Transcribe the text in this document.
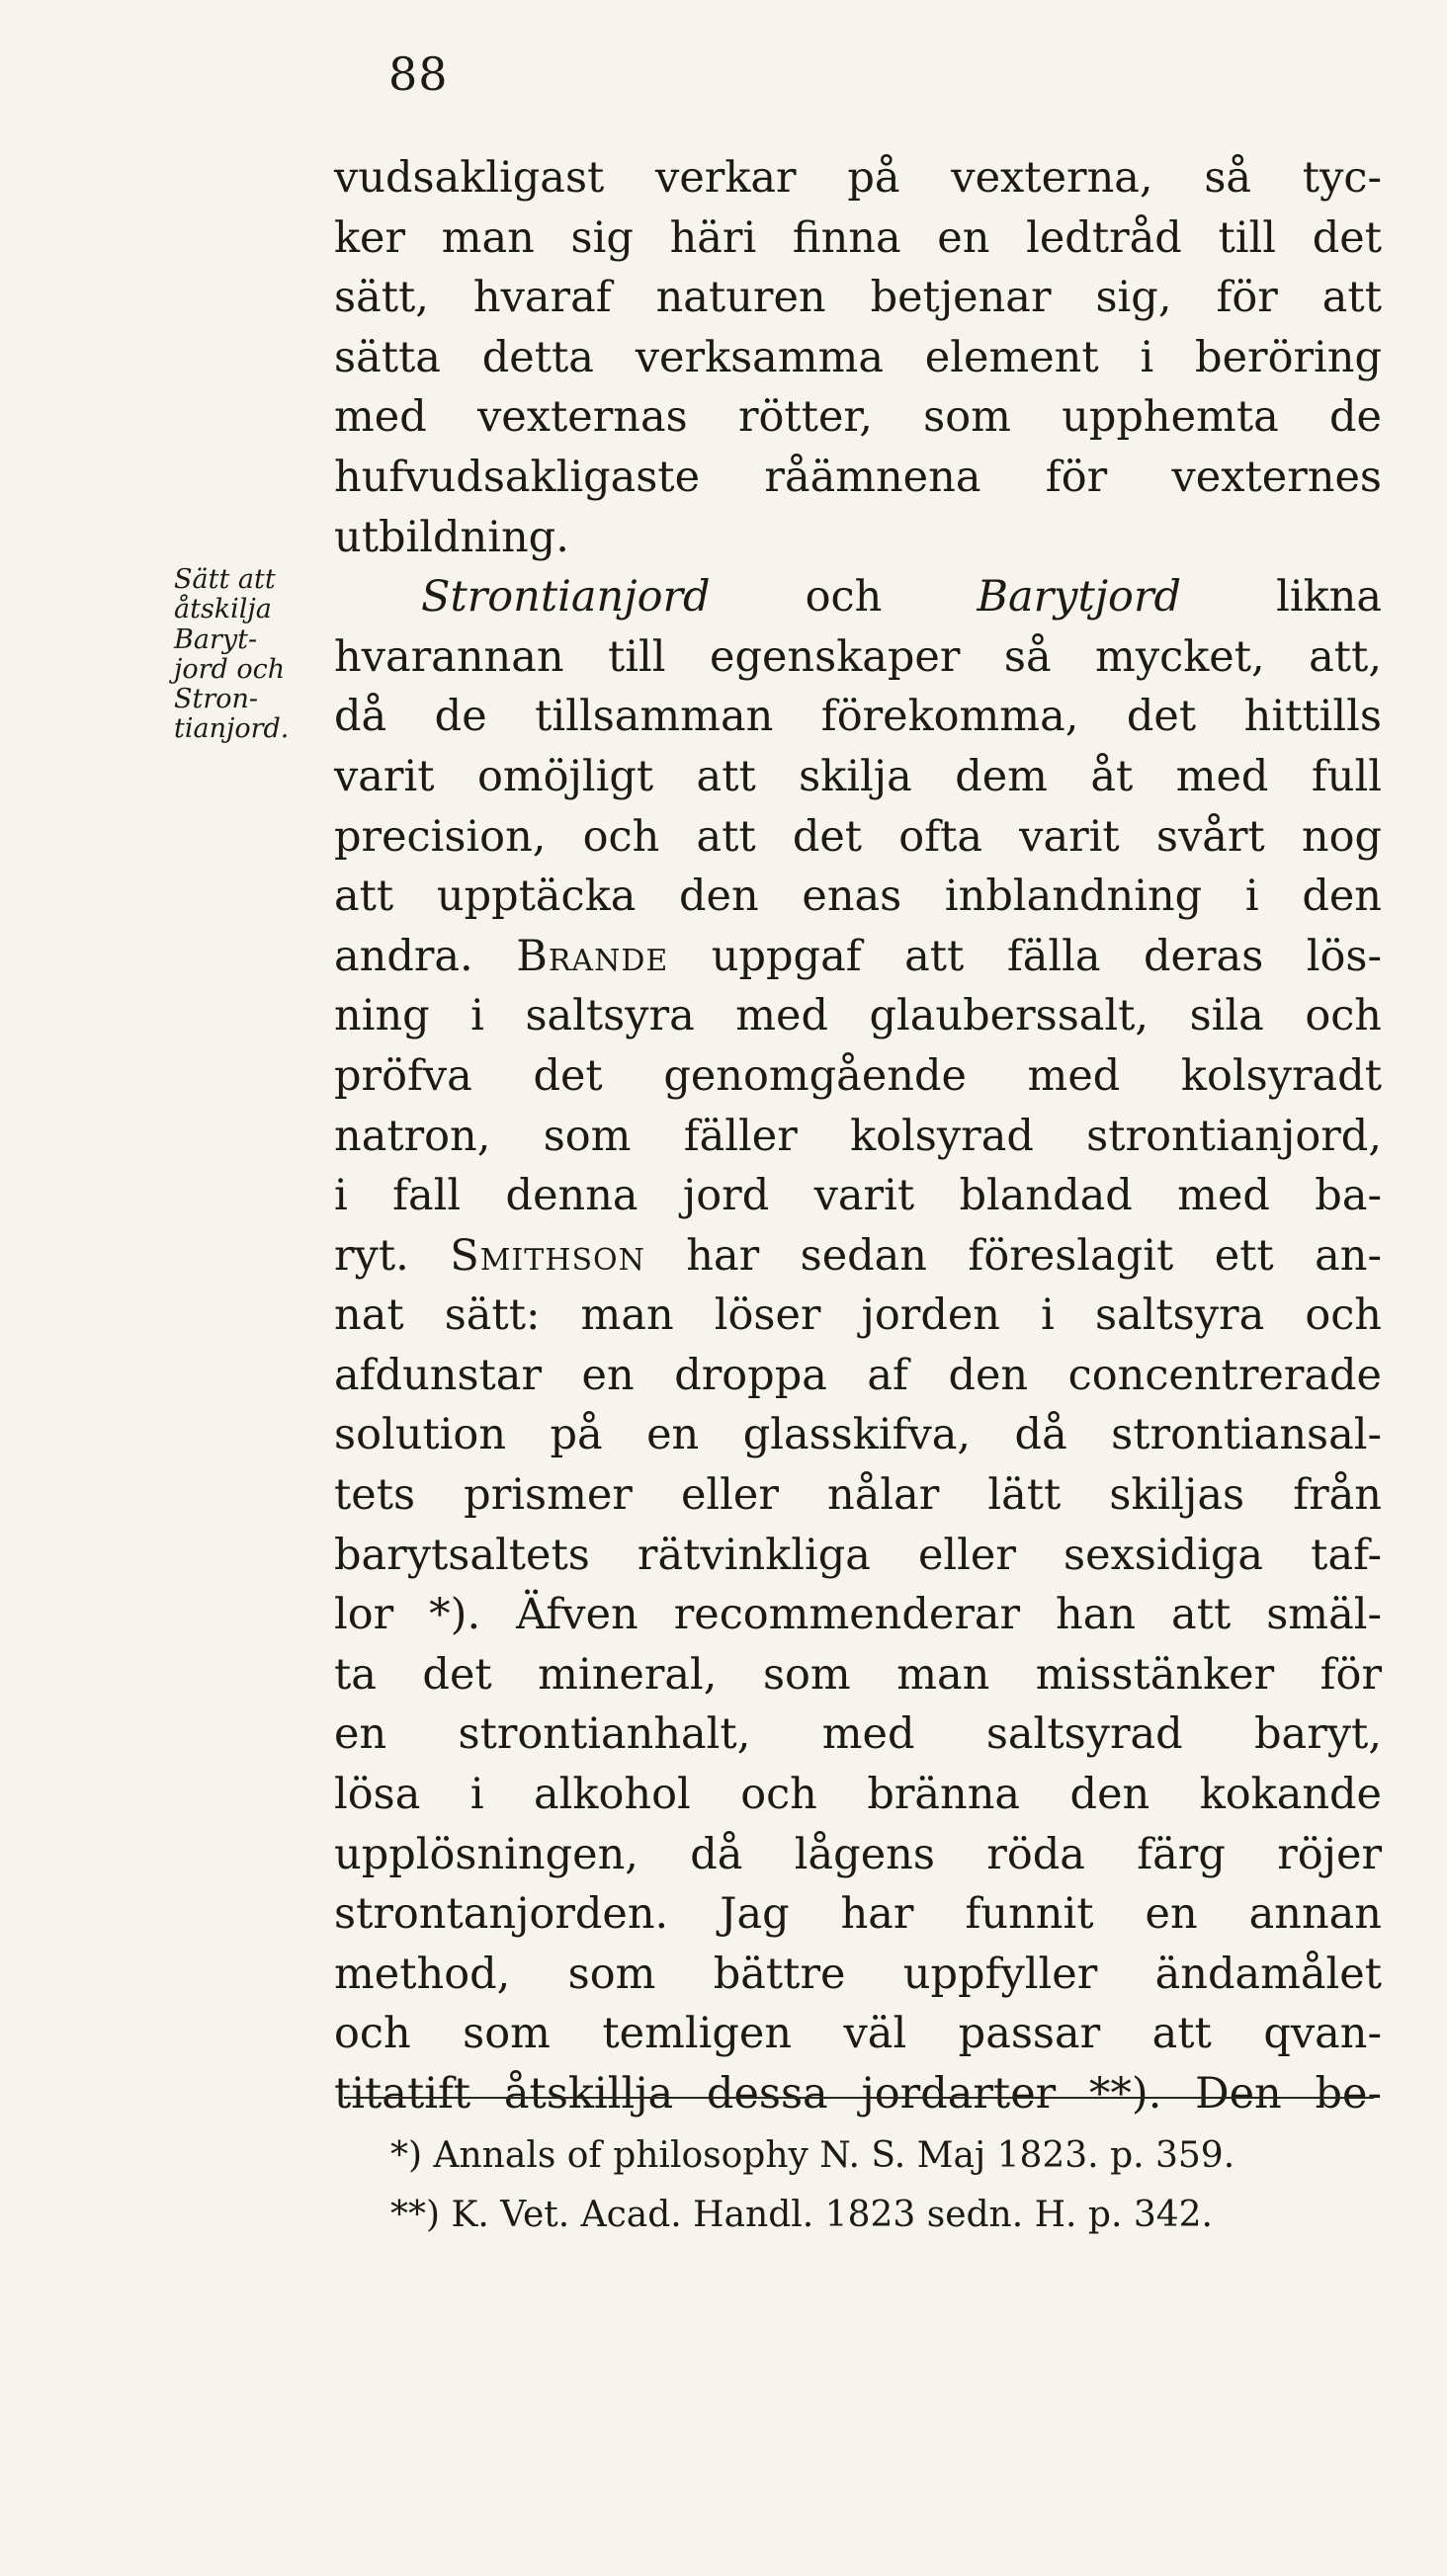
88
Sätt att
åtskilja
Baryt-
jord och
Stron-
tianjord.
vudsakligast verkar på vexterna, så tyc-
ker man sig häri finna en ledtråd till det
sätt, hvaraf naturen betjenar sig, för att
sätta detta verksamma element i beröring
med vexternas rötter, som upphemta de
hufvudsakligaste råämnena för vexternes
utbildning.
Strontianjord och Barytjord likna
hvarannan till egenskaper så mycket, att,
då de tillsamman förekomma, det hittills
varit omöjligt att skilja dem åt med full
precision, och att det ofta varit svårt nog
att upptäcka den enas inblandning i den
andra. Brande uppgaf att fälla deras lös-
ning i saltsyra med glauberssalt, sila och
pröfva det genomgående med kolsyradt
natron, som fäller kolsyrad strontianjord,
i fall denna jord varit blandad med ba-
ryt. Smithson har sedan föreslagit ett an-
nat sätt: man löser jorden i saltsyra och
afdunstar en droppa af den concentrerade
solution på en glasskifva, då strontiansal-
tets prismer eller nålar lätt skiljas från
barytsaltets rätvinkliga eller sexsidiga taf-
lor *). Äfven recommenderar han att smäl-
ta det mineral, som man misstänker för
en strontianhalt, med saltsyrad baryt,
lösa i alkohol och bränna den kokande
upplösningen, då lågens röda färg röjer
strontanjorden. Jag har funnit en annan
method, som bättre uppfyller ändamålet
och som temligen väl passar att qvan-
titatift åtskillja dessa jordarter **). Den be-
*) Annals of philosophy N. S. Maj 1823. p. 359.
**) K. Vet. Acad. Handl. 1823 sedn. H. p. 342.
